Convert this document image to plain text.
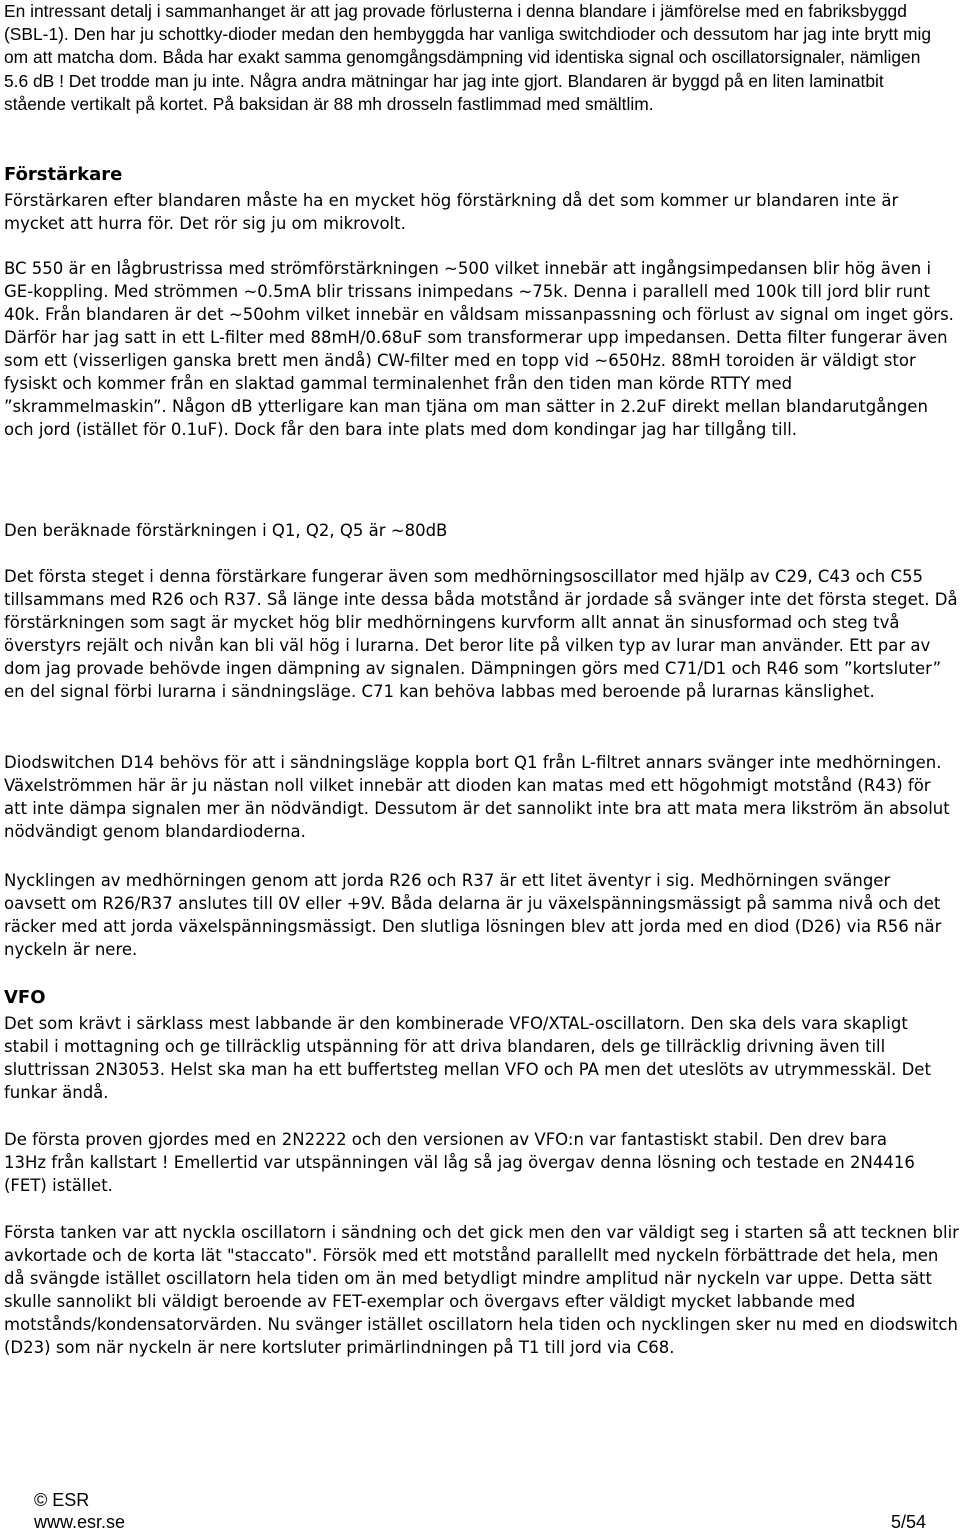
En intressant detalj i sammanhanget är att jag provade förlusterna i denna blandare i jämförelse med en fabriksbyggd (SBL-1). Den har ju schottky-dioder medan den hembyggda har vanliga switchdioder och dessutom har jag inte brytt mig om att matcha dom. Båda har exakt samma genomgångsdämpning vid identiska signal och oscillatorsignaler, nämligen 5.6 dB ! Det trodde man ju inte. Några andra mätningar har jag inte gjort. Blandaren är byggd på en liten laminatbit stående vertikalt på kortet. På baksidan är 88 mh drosseln fastlimmad med smältlim.

Förstärkare

Förstärkaren efter blandaren måste ha en mycket hög förstärkning då det som kommer ur blandaren inte är mycket att hurra för. Det rör sig ju om mikrovolt.

BC 550 är en lågbrustrissa med strömförstärkningen ~500 vilket innebär att ingångsimpedansen blir hög även i GE-koppling. Med strömmen ~0.5mA blir trissans inimpedans ~75k. Denna i parallell med 100k till jord blir runt 40k. Från blandaren är det ~50ohm vilket innebär en våldsam missanpassning och förlust av signal om inget görs. Därför har jag satt in ett L-filter med 88mH/0.68uF som transformerar upp impedansen. Detta filter fungerar även som ett (visserligen ganska brett men ändå) CW-filter med en topp vid ~650Hz. 88mH toroiden är väldigt stor fysiskt och kommer från en slaktad gammal terminalenhet från den tiden man körde RTTY med ”skrammelmaskin”. Någon dB ytterligare kan man tjäna om man sätter in 2.2uF direkt mellan blandarutgången och jord (istället för 0.1uF). Dock får den bara inte plats med dom kondingar jag har tillgång till.

Den beräknade förstärkningen i Q1, Q2, Q5 är ~80dB

Det första steget i denna förstärkare fungerar även som medhörningsoscillator med hjälp av C29, C43 och C55 tillsammans med R26 och R37. Så länge inte dessa båda motstånd är jordade så svänger inte det första steget. Då förstärkningen som sagt är mycket hög blir medhörningens kurvform allt annat än sinusformad och steg två överstyrs rejält och nivån kan bli väl hög i lurarna. Det beror lite på vilken typ av lurar man använder. Ett par av dom jag provade behövde ingen dämpning av signalen. Dämpningen görs med C71/D1 och R46 som ”kortsluter” en del signal förbi lurarna i sändningsläge. C71 kan behöva labbas med beroende på lurarnas känslighet.

Diodswitchen D14 behövs för att i sändningsläge koppla bort Q1 från L-filtret annars svänger inte medhörningen. Växelströmmen här är ju nästan noll vilket innebär att dioden kan matas med ett högohmigt motstånd (R43) för att inte dämpa signalen mer än nödvändigt. Dessutom är det sannolikt inte bra att mata mera likström än absolut nödvändigt genom blandardioderna.

Nycklingen av medhörningen genom att jorda R26 och R37 är ett litet äventyr i sig. Medhörningen svänger oavsett om R26/R37 anslutes till 0V eller +9V. Båda delarna är ju växelspänningsmässigt på samma nivå och det räcker med att jorda växelspänningsmässigt. Den slutliga lösningen blev att jorda med en diod (D26) via R56 när nyckeln är nere.

VFO

Det som krävt i särklass mest labbande är den kombinerade VFO/XTAL-oscillatorn. Den ska dels vara skapligt stabil i mottagning och ge tillräcklig utspänning för att driva blandaren, dels ge tillräcklig drivning även till sluttrissan 2N3053. Helst ska man ha ett buffertsteg mellan VFO och PA men det uteslöts av utrymmesskäl. Det funkar ändå.

De första proven gjordes med en 2N2222 och den versionen av VFO:n var fantastiskt stabil. Den drev bara 13Hz från kallstart ! Emellertid var utspänningen väl låg så jag övergav denna lösning och testade en 2N4416 (FET) istället.

Första tanken var att nyckla oscillatorn i sändning och det gick men den var väldigt seg i starten så att tecknen blir avkortade och de korta lät "staccato". Försök med ett motstånd parallellt med nyckeln förbättrade det hela, men då svängde istället oscillatorn hela tiden om än med betydligt mindre amplitud när nyckeln var uppe. Detta sätt skulle sannolikt bli väldigt beroende av FET-exemplar och övergavs efter väldigt mycket labbande med motstånds/kondensatorvärden. Nu svänger istället oscillatorn hela tiden och nycklingen sker nu med en diodswitch (D23) som när nyckeln är nere kortsluter primärlindningen på T1 till jord via C68.

© ESR
www.esr.se	5/54
